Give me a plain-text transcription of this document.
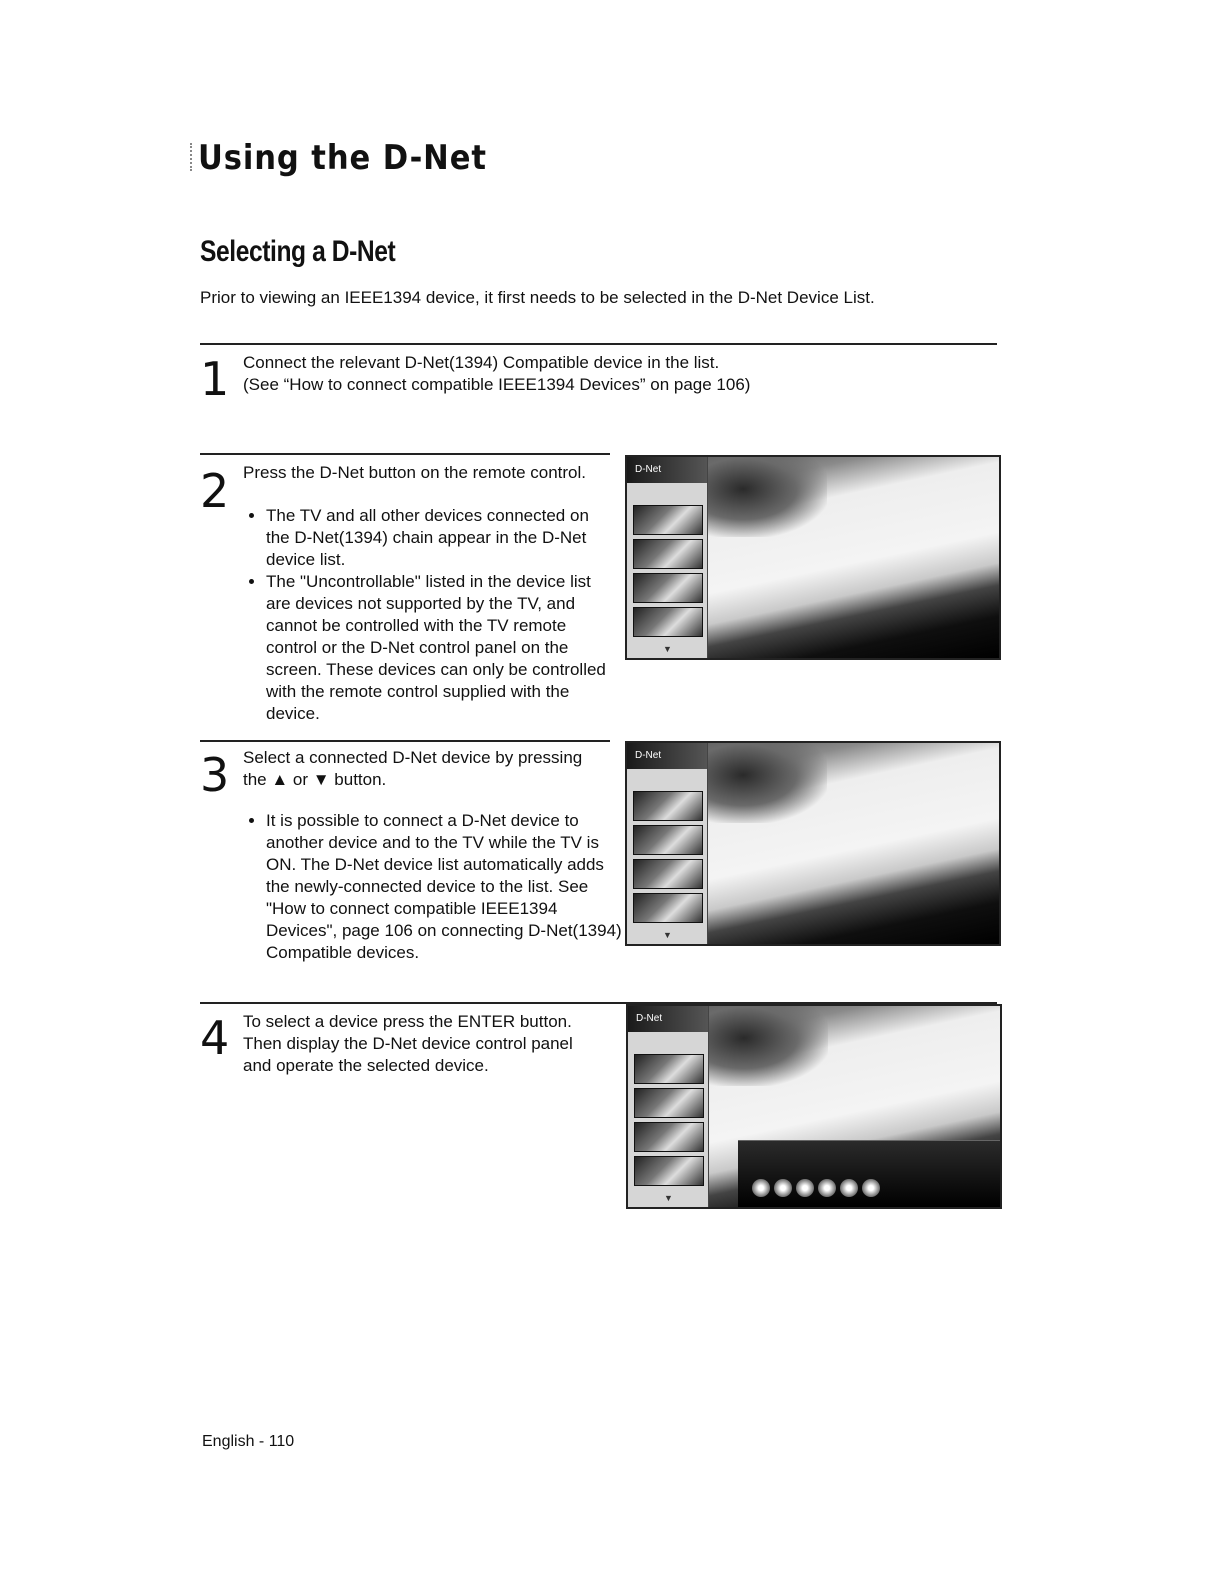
Using the D-Net
Selecting a D-Net
Prior to viewing an IEEE1394 device, it first needs to be selected in the D-Net Device List.
1 Connect the relevant D-Net(1394) Compatible device in the list.
(See “How to connect compatible IEEE1394 Devices” on page 106)
2 Press the D-Net button on the remote control.
• The TV and all other devices connected on the D-Net(1394) chain appear in the D-Net device list.
• The "Uncontrollable" listed in the device list are devices not supported by the TV, and cannot be controlled with the TV remote control or the D-Net control panel on the screen. These devices can only be controlled with the remote control supplied with the device.
D-Net
▼
3 Select a connected D-Net device by pressing the ▲ or ▼ button.
• It is possible to connect a D-Net device to another device and to the TV while the TV is ON. The D-Net device list automatically adds the newly-connected device to the list. See "How to connect compatible IEEE1394 Devices", page 106 on connecting D-Net(1394) Compatible devices.
D-Net
▼
4 To select a device press the ENTER button. Then display the D-Net device control panel and operate the selected device.
D-Net
▼
English - 110
